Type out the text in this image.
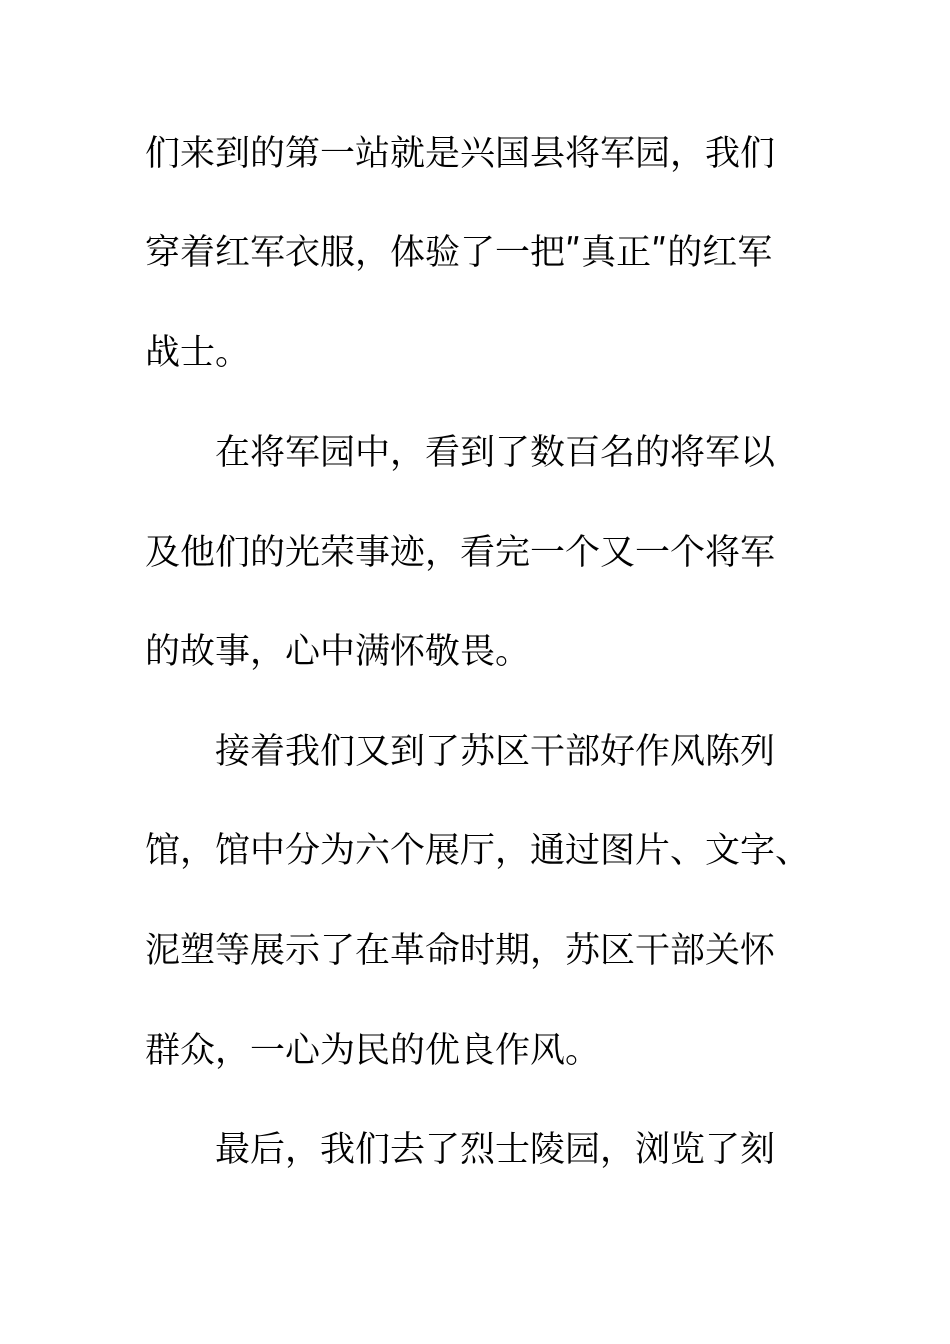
们来到的第一站就是兴国县将军园，我们
穿着红军衣服，体验了一把ʺ真正ʺ的红军
战士。
在将军园中，看到了数百名的将军以
及他们的光荣事迹，看完一个又一个将军
的故事，心中满怀敬畏。
接着我们又到了苏区干部好作风陈列
馆，馆中分为六个展厅，通过图片、文字、
泥塑等展示了在革命时期，苏区干部关怀
群众，一心为民的优良作风。
最后，我们去了烈士陵园，浏览了刻
